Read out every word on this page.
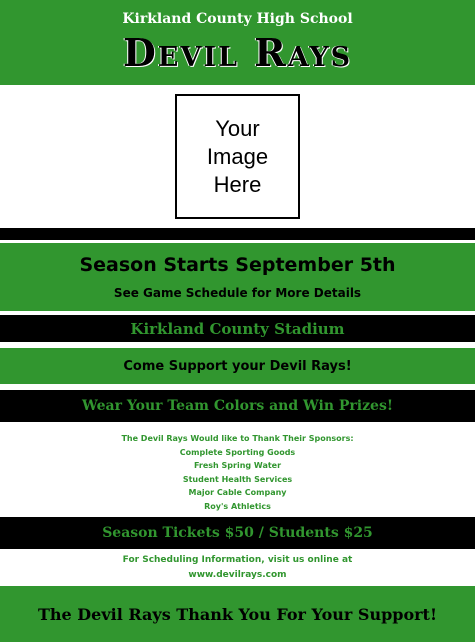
Kirkland County High School
Devil Rays
Your
Image
Here
Season Starts September 5th
See Game Schedule for More Details
Kirkland County Stadium
Come Support your Devil Rays!
Wear Your Team Colors and Win Prizes!
The Devil Rays Would like to Thank Their Sponsors:
Complete Sporting Goods
Fresh Spring Water
Student Health Services
Major Cable Company
Roy's Athletics
Season Tickets $50 / Students $25
For Scheduling Information, visit us online at
www.devilrays.com
The Devil Rays Thank You For Your Support!
